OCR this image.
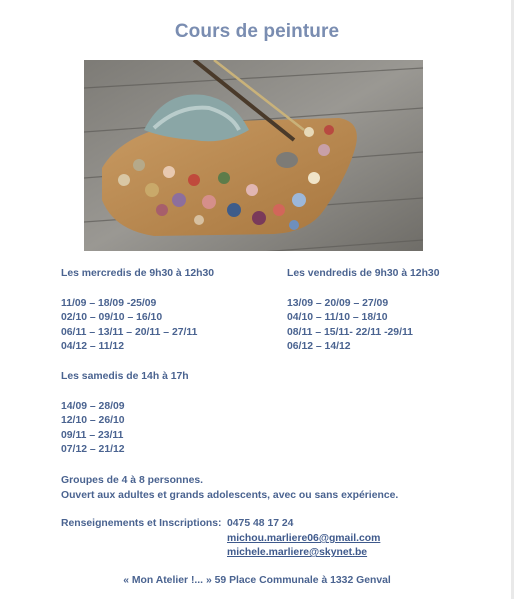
Cours de peinture
Les mercredis de 9h30 à 12h30
11/09 – 18/09 -25/09
02/10 – 09/10 – 16/10
06/11 – 13/11 – 20/11 – 27/11
04/12 – 11/12
Les vendredis de 9h30 à 12h30
13/09 – 20/09 – 27/09
04/10 – 11/10 – 18/10
08/11 – 15/11- 22/11 -29/11
06/12 – 14/12
Les samedis de 14h à 17h
14/09 – 28/09
12/10 – 26/10
09/11 – 23/11
07/12 – 21/12
Groupes de 4 à 8 personnes.
Ouvert aux adultes et grands adolescents, avec ou sans expérience.
Renseignements et Inscriptions: 0475 48 17 24
michou.marliere06@gmail.com
michele.marliere@skynet.be
« Mon Atelier !... » 59 Place Communale à 1332 Genval
